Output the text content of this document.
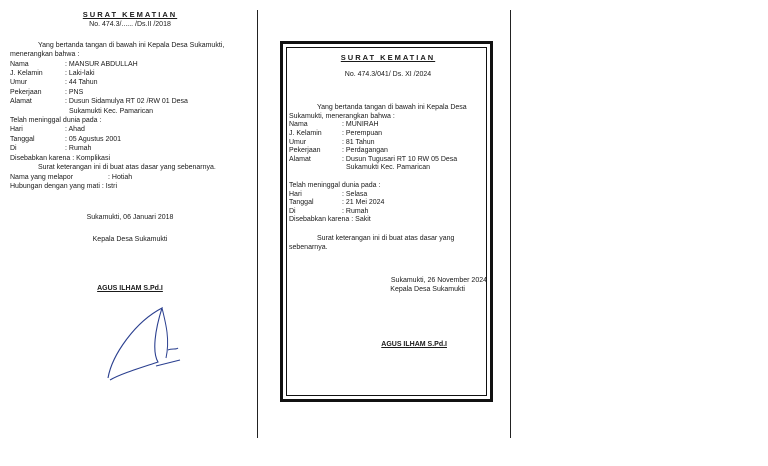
SURAT KEMATIAN
No. 474.3/...... /Ds.II /2018
Yang bertanda tangan di bawah ini Kepala Desa Sukamukti, menerangkan bahwa :
Nama	: MANSUR ABDULLAH
J. Kelamin	: Laki-laki
Umur	: 44 Tahun
Pekerjaan	: PNS
Alamat	: Dusun Sidamulya RT 02 /RW 01 Desa
Sukamukti Kec. Pamarican
Telah meninggal dunia pada :
Hari	: Ahad
Tanggal	: 05 Agustus 2001
Di	: Rumah
Disebabkan karena : Komplikasi
Surat keterangan ini di buat atas dasar yang sebenarnya.
Nama yang melapor	: Hotiah
Hubungan dengan yang mati : Istri
Sukamukti, 06 Januari 2018
Kepala Desa Sukamukti
AGUS ILHAM S.Pd.I
SURAT KEMATIAN
No. 474.3/041/ Ds. XI /2024
Yang bertanda tangan di bawah ini Kepala Desa Sukamukti, menerangkan bahwa :
Nama	: MUNIRAH
J. Kelamin	: Perempuan
Umur	: 81 Tahun
Pekerjaan	: Perdagangan
Alamat	: Dusun Tugusari RT 10 RW 05 Desa
Sukamukti Kec. Pamarican
Telah meninggal dunia pada :
Hari	: Selasa
Tanggal	: 21 Mei 2024
Di	: Rumah
Disebabkan karena : Sakit
Surat keterangan ini di buat atas dasar yang sebenarnya.
Sukamukti, 26 November 2024
Kepala Desa Sukamukti
AGUS ILHAM S.Pd.I
